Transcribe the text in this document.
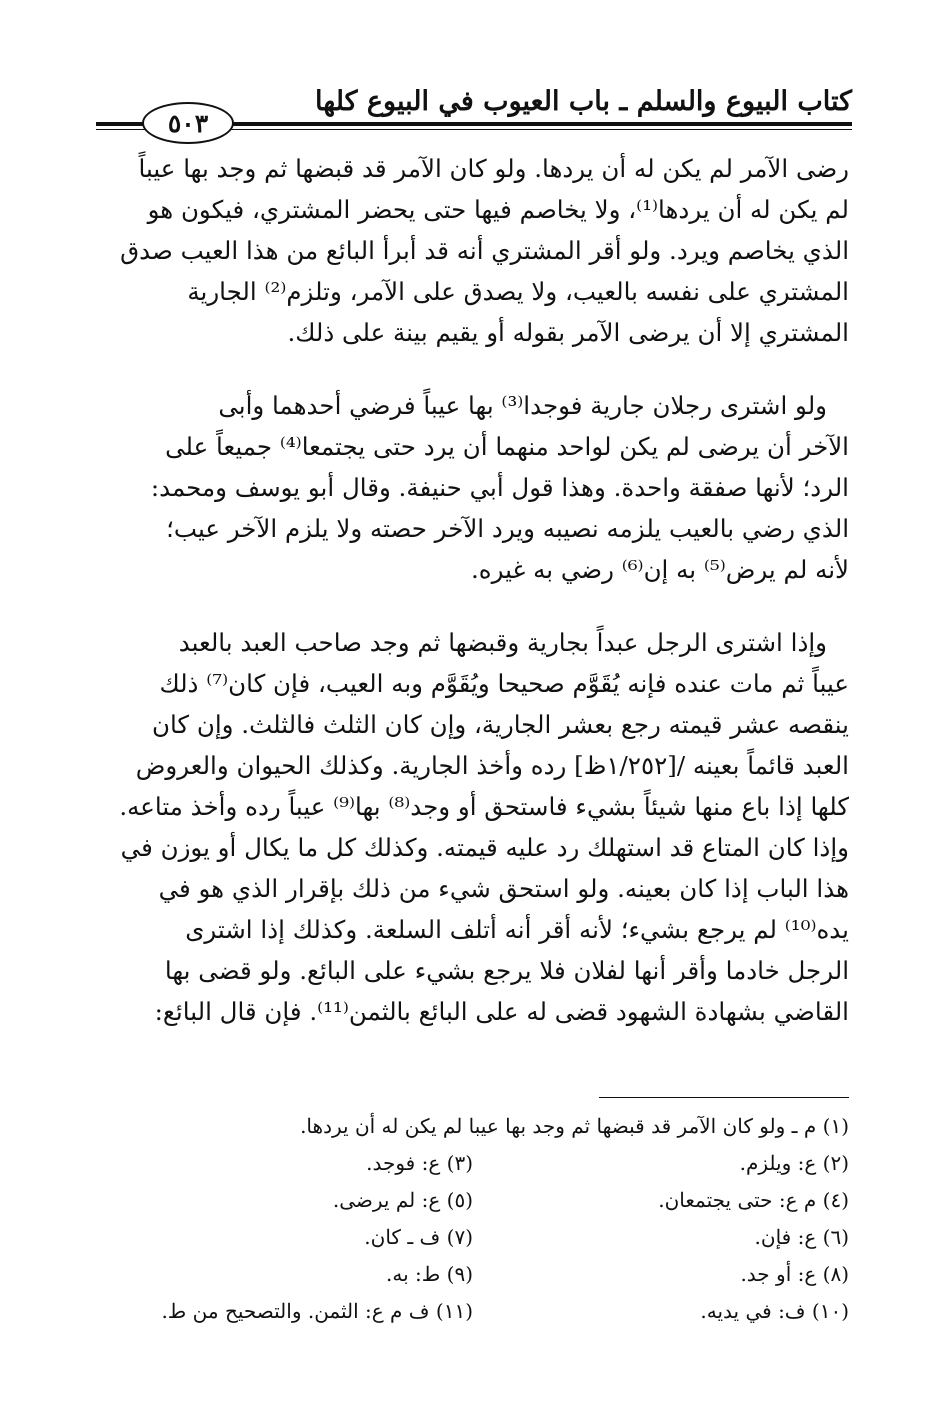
كتاب البيوع والسلم ـ باب العيوب في البيوع كلها
٥٠٣
رضى الآمر لم يكن له أن يردها. ولو كان الآمر قد قبضها ثم وجد بها عيباً
لم يكن له أن يردها⁽¹⁾، ولا يخاصم فيها حتى يحضر المشتري، فيكون هو
الذي يخاصم ويرد. ولو أقر المشتري أنه قد أبرأ البائع من هذا العيب صدق
المشتري على نفسه بالعيب، ولا يصدق على الآمر، وتلزم⁽²⁾ الجارية
المشتري إلا أن يرضى الآمر بقوله أو يقيم بينة على ذلك.
ولو اشترى رجلان جارية فوجدا⁽³⁾ بها عيباً فرضي أحدهما وأبى
الآخر أن يرضى لم يكن لواحد منهما أن يرد حتى يجتمعا⁽⁴⁾ جميعاً على
الرد؛ لأنها صفقة واحدة. وهذا قول أبي حنيفة. وقال أبو يوسف ومحمد:
الذي رضي بالعيب يلزمه نصيبه ويرد الآخر حصته ولا يلزم الآخر عيب؛
لأنه لم يرض⁽⁵⁾ به إن⁽⁶⁾ رضي به غيره.
وإذا اشترى الرجل عبداً بجارية وقبضها ثم وجد صاحب العبد بالعبد
عيباً ثم مات عنده فإنه يُقَوَّم صحيحا ويُقَوَّم وبه العيب، فإن كان⁽⁷⁾ ذلك
ينقصه عشر قيمته رجع بعشر الجارية، وإن كان الثلث فالثلث. وإن كان
العبد قائماً بعينه /[١/٢٥٢ظ] رده وأخذ الجارية. وكذلك الحيوان والعروض
كلها إذا باع منها شيئاً بشيء فاستحق أو وجد⁽⁸⁾ بها⁽⁹⁾ عيباً رده وأخذ متاعه.
وإذا كان المتاع قد استهلك رد عليه قيمته. وكذلك كل ما يكال أو يوزن في
هذا الباب إذا كان بعينه. ولو استحق شيء من ذلك بإقرار الذي هو في
يده⁽¹⁰⁾ لم يرجع بشيء؛ لأنه أقر أنه أتلف السلعة. وكذلك إذا اشترى
الرجل خادما وأقر أنها لفلان فلا يرجع بشيء على البائع. ولو قضى بها
القاضي بشهادة الشهود قضى له على البائع بالثمن⁽¹¹⁾. فإن قال البائع:
(١) م ـ ولو كان الآمر قد قبضها ثم وجد بها عيبا لم يكن له أن يردها.
(٢) ع: ويلزم.
(٣) ع: فوجد.
(٤) م ع: حتى يجتمعان.
(٥) ع: لم يرضى.
(٦) ع: فإن.
(٧) ف ـ كان.
(٨) ع: أو جد.
(٩) ط: به.
(١٠) ف: في يديه.
(١١) ف م ع: الثمن. والتصحيح من ط.
